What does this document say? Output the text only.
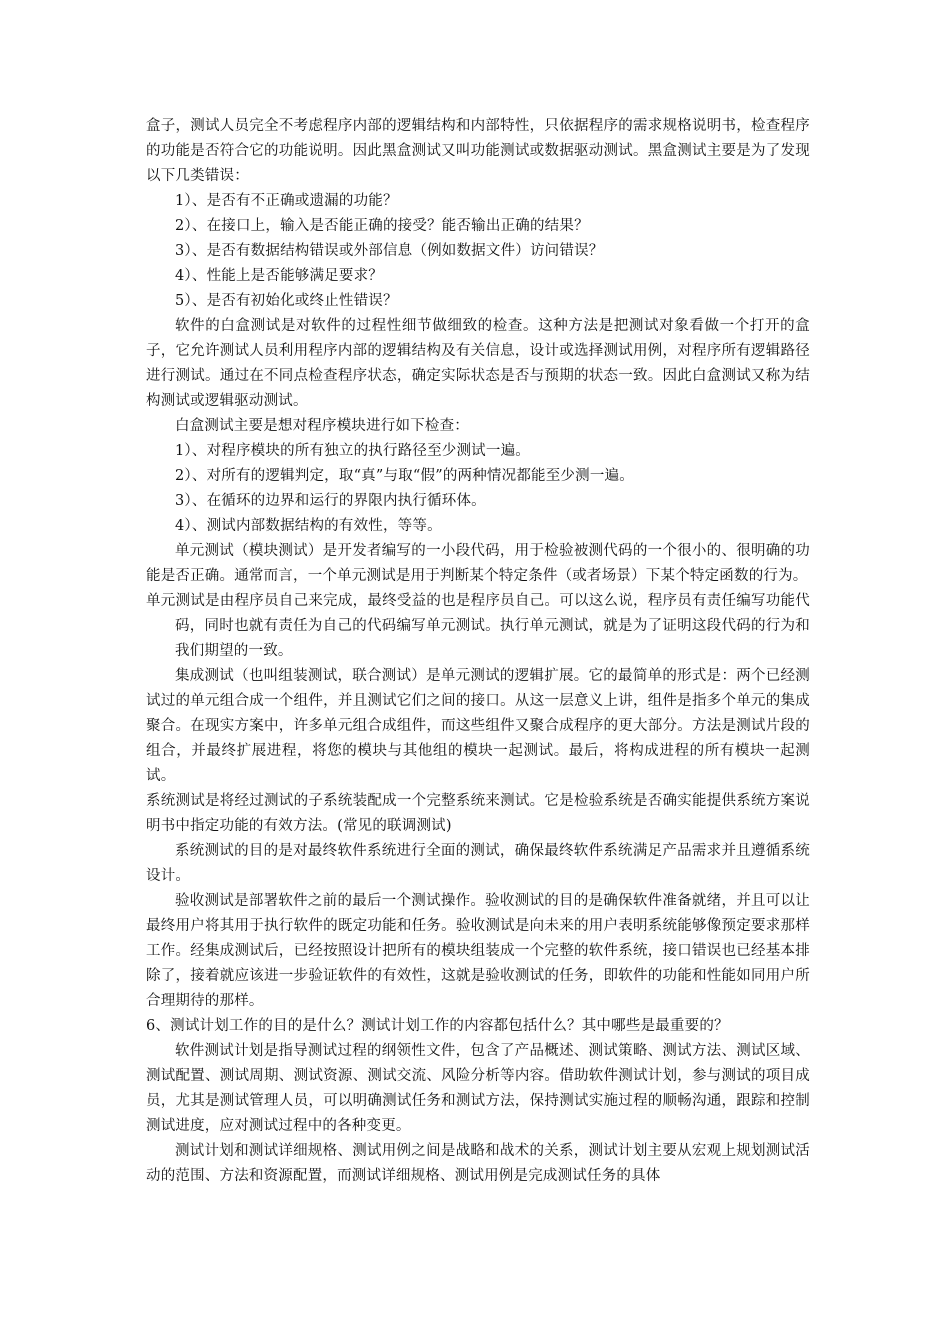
盒子，测试人员完全不考虑程序内部的逻辑结构和内部特性，只依据程序的需求规格说明书，检查程序的功能是否符合它的功能说明。因此黑盒测试又叫功能测试或数据驱动测试。黑盒测试主要是为了发现以下几类错误：

1）、是否有不正确或遗漏的功能？

2）、在接口上，输入是否能正确的接受？能否输出正确的结果？

3）、是否有数据结构错误或外部信息（例如数据文件）访问错误？

4）、性能上是否能够满足要求？

5）、是否有初始化或终止性错误？

软件的白盒测试是对软件的过程性细节做细致的检查。这种方法是把测试对象看做一个打开的盒子，它允许测试人员利用程序内部的逻辑结构及有关信息，设计或选择测试用例，对程序所有逻辑路径进行测试。通过在不同点检查程序状态，确定实际状态是否与预期的状态一致。因此白盒测试又称为结构测试或逻辑驱动测试。

白盒测试主要是想对程序模块进行如下检查：

1）、对程序模块的所有独立的执行路径至少测试一遍。

2）、对所有的逻辑判定，取“真”与取“假”的两种情况都能至少测一遍。

3）、在循环的边界和运行的界限内执行循环体。

4）、测试内部数据结构的有效性，等等。

单元测试（模块测试）是开发者编写的一小段代码，用于检验被测代码的一个很小的、很明确的功能是否正确。通常而言，一个单元测试是用于判断某个特定条件（或者场景）下某个特定函数的行为。

单元测试是由程序员自己来完成，最终受益的也是程序员自己。可以这么说，程序员有责任编写功能代码，同时也就有责任为自己的代码编写单元测试。执行单元测试，就是为了证明这段代码的行为和我们期望的一致。

集成测试（也叫组装测试，联合测试）是单元测试的逻辑扩展。它的最简单的形式是：两个已经测试过的单元组合成一个组件，并且测试它们之间的接口。从这一层意义上讲，组件是指多个单元的集成聚合。在现实方案中，许多单元组合成组件，而这些组件又聚合成程序的更大部分。方法是测试片段的组合，并最终扩展进程，将您的模块与其他组的模块一起测试。最后，将构成进程的所有模块一起测试。

系统测试是将经过测试的子系统装配成一个完整系统来测试。它是检验系统是否确实能提供系统方案说明书中指定功能的有效方法。(常见的联调测试)

系统测试的目的是对最终软件系统进行全面的测试，确保最终软件系统满足产品需求并且遵循系统设计。

验收测试是部署软件之前的最后一个测试操作。验收测试的目的是确保软件准备就绪，并且可以让最终用户将其用于执行软件的既定功能和任务。验收测试是向未来的用户表明系统能够像预定要求那样工作。经集成测试后，已经按照设计把所有的模块组装成一个完整的软件系统，接口错误也已经基本排除了，接着就应该进一步验证软件的有效性，这就是验收测试的任务，即软件的功能和性能如同用户所合理期待的那样。

6、测试计划工作的目的是什么？测试计划工作的内容都包括什么？其中哪些是最重要的？

软件测试计划是指导测试过程的纲领性文件，包含了产品概述、测试策略、测试方法、测试区域、测试配置、测试周期、测试资源、测试交流、风险分析等内容。借助软件测试计划，参与测试的项目成员，尤其是测试管理人员，可以明确测试任务和测试方法，保持测试实施过程的顺畅沟通，跟踪和控制测试进度，应对测试过程中的各种变更。

测试计划和测试详细规格、测试用例之间是战略和战术的关系，测试计划主要从宏观上规划测试活动的范围、方法和资源配置，而测试详细规格、测试用例是完成测试任务的具体
